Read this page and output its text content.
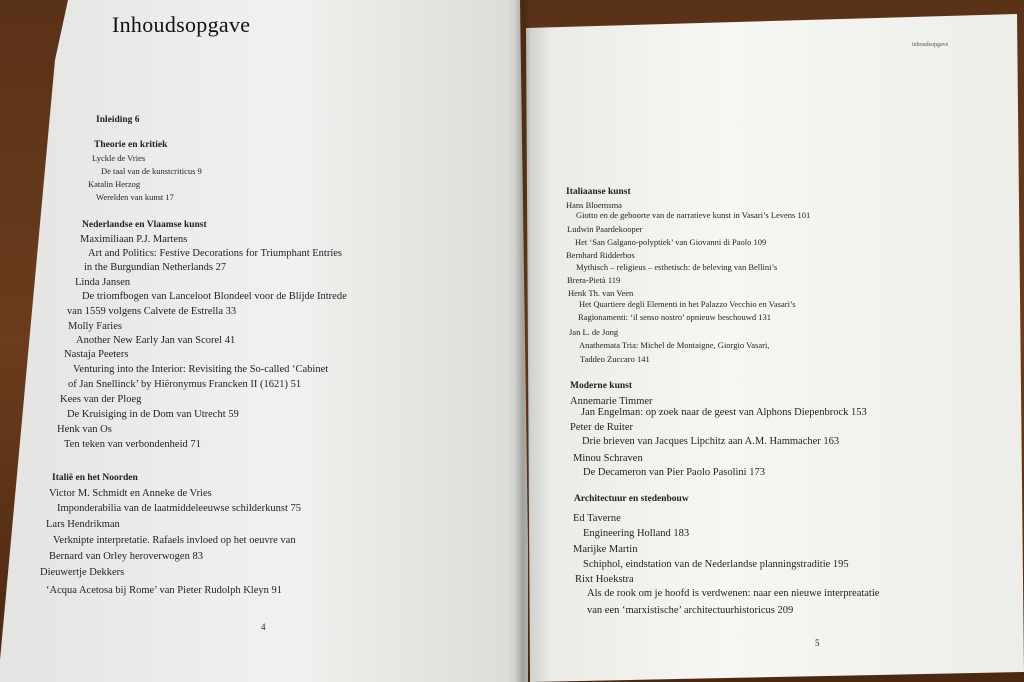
Inhoudsopgave
inhoudsopgave
Inleiding 6
Theorie en kritiek
Lyckle de Vries
De taal van de kunstcriticus 9
Katalin Herzog
Werelden van kunst 17
Nederlandse en Vlaamse kunst
Maximiliaan P.J. Martens
Art and Politics: Festive Decorations for Triumphant Entries
in the Burgundian Netherlands 27
Linda Jansen
De triomfbogen van Lanceloot Blondeel voor de Blijde Intrede
van 1559 volgens Calvete de Estrella 33
Molly Faries
Another New Early Jan van Scorel 41
Nastaja Peeters
Venturing into the Interior: Revisiting the So-called ‘Cabinet
of Jan Snellinck’ by Hiëronymus Francken II (1621) 51
Kees van der Ploeg
De Kruisiging in de Dom van Utrecht 59
Henk van Os
Ten teken van verbondenheid 71
Italië en het Noorden
Victor M. Schmidt en Anneke de Vries
Imponderabilia van de laatmiddeleeuwse schilderkunst 75
Lars Hendrikman
Verknipte interpretatie. Rafaels invloed op het oeuvre van
Bernard van Orley heroverwogen 83
Dieuwertje Dekkers
‘Acqua Acetosa bij Rome’ van Pieter Rudolph Kleyn 91
Italiaanse kunst
Hans Bloemsma
Giotto en de geboorte van de narratieve kunst in Vasari’s Levens 101
Ludwin Paardekooper
Het ‘San Galgano-polyptiek’ van Giovanni di Paolo 109
Bernhard Ridderbos
Mythisch – religieus – esthetisch: de beleving van Bellini’s
Brera-Pietà 119
Henk Th. van Veen
Het Quartiere degli Elementi in het Palazzo Vecchio en Vasari’s
Ragionamenti: ‘il senso nostro’ opnieuw beschouwd 131
Jan L. de Jong
Anathemata Tria: Michel de Montaigne, Giorgio Vasari,
Taddeo Zuccaro 141
Moderne kunst
Annemarie Timmer
Jan Engelman: op zoek naar de geest van Alphons Diepenbrock 153
Peter de Ruiter
Drie brieven van Jacques Lipchitz aan A.M. Hammacher 163
Minou Schraven
De Decameron van Pier Paolo Pasolini 173
Architectuur en stedenbouw
Ed Taverne
Engineering Holland 183
Marijke Martin
Schiphol, eindstation van de Nederlandse planningstraditie 195
Rixt Hoekstra
Als de rook om je hoofd is verdwenen: naar een nieuwe interpreatatie
van een ‘marxistische’ architectuurhistoricus 209
4
5
